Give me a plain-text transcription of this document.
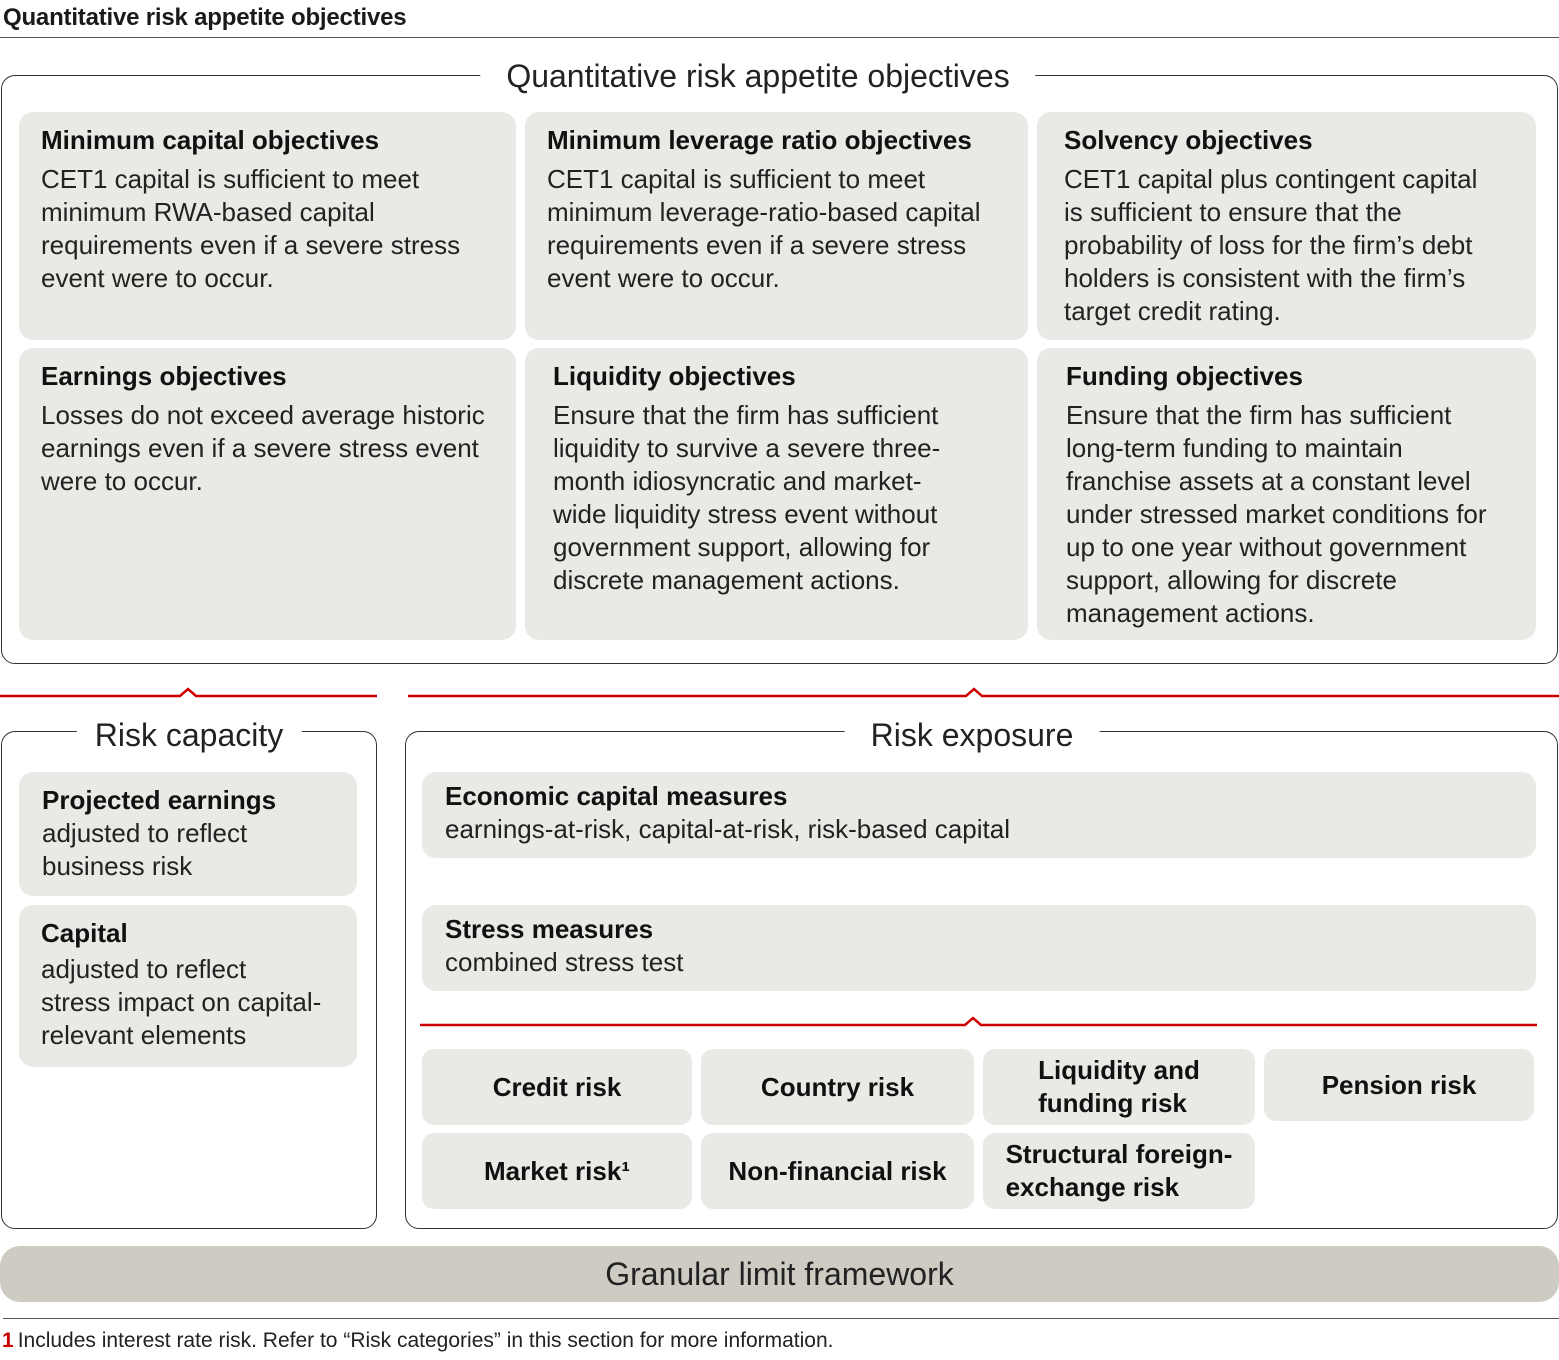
Quantitative risk appetite objectives
Quantitative risk appetite objectives
Minimum capital objectives
CET1 capital is sufficient to meet
minimum RWA-based capital
requirements even if a severe stress
event were to occur.
Minimum leverage ratio objectives
CET1 capital is sufficient to meet
minimum leverage-ratio-based capital
requirements even if a severe stress
event were to occur.
Solvency objectives
CET1 capital plus contingent capital
is sufficient to ensure that the
probability of loss for the firm’s debt
holders is consistent with the firm’s
target credit rating.
Earnings objectives
Losses do not exceed average historic
earnings even if a severe stress event
were to occur.
Liquidity objectives
Ensure that the firm has sufficient
liquidity to survive a severe three-
month idiosyncratic and market-
wide liquidity stress event without
government support, allowing for
discrete management actions.
Funding objectives
Ensure that the firm has sufficient
long-term funding to maintain
franchise assets at a constant level
under stressed market conditions for
up to one year without government
support, allowing for discrete
management actions.
Risk capacity
Projected earnings
adjusted to reflect
business risk
Capital
adjusted to reflect
stress impact on capital-
relevant elements
Risk exposure
Economic capital measures
earnings-at-risk, capital-at-risk, risk-based capital
Stress measures
combined stress test
Credit risk	Country risk
Liquidity and
funding risk
Pension risk
Market risk¹	Non-financial risk
Structural foreign-
exchange risk
Granular limit framework
1 Includes interest rate risk. Refer to “Risk categories” in this section for more information.
